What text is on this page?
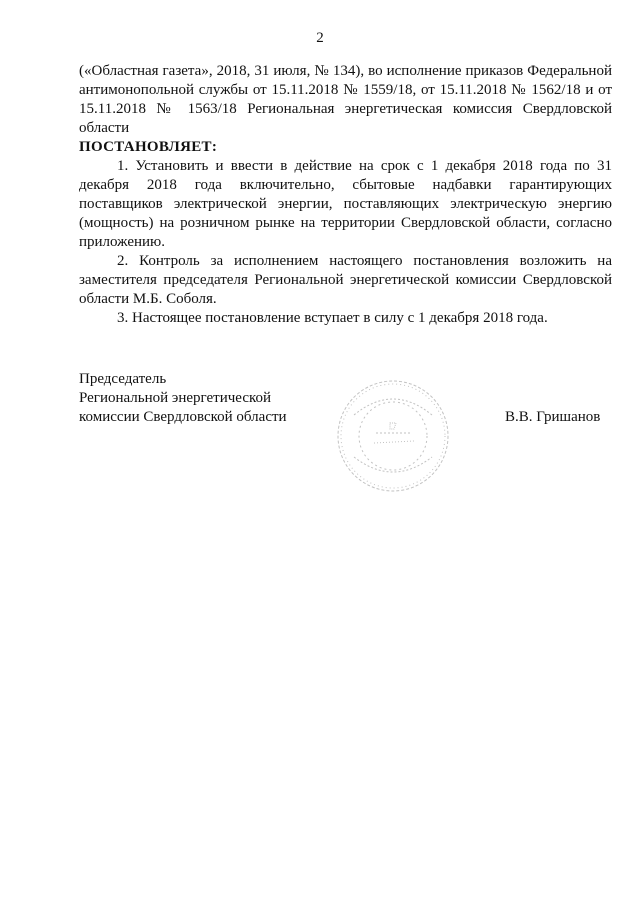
2

(«Областная газета», 2018, 31 июля, № 134), во исполнение приказов Федеральной антимонопольной службы от 15.11.2018 № 1559/18, от 15.11.2018 № 1562/18 и от 15.11.2018 № 1563/18 Региональная энергетическая комиссия Свердловской области

ПОСТАНОВЛЯЕТ:

1. Установить и ввести в действие на срок с 1 декабря 2018 года по 31 декабря 2018 года включительно, сбытовые надбавки гарантирующих поставщиков электрической энергии, поставляющих электрическую энергию (мощность) на розничном рынке на территории Свердловской области, согласно приложению.

2. Контроль за исполнением настоящего постановления возложить на заместителя председателя Региональной энергетической комиссии Свердловской области М.Б. Соболя.

3. Настоящее постановление вступает в силу с 1 декабря 2018 года.

Председатель
Региональной энергетической
комиссии Свердловской области	В.В. Гришанов
